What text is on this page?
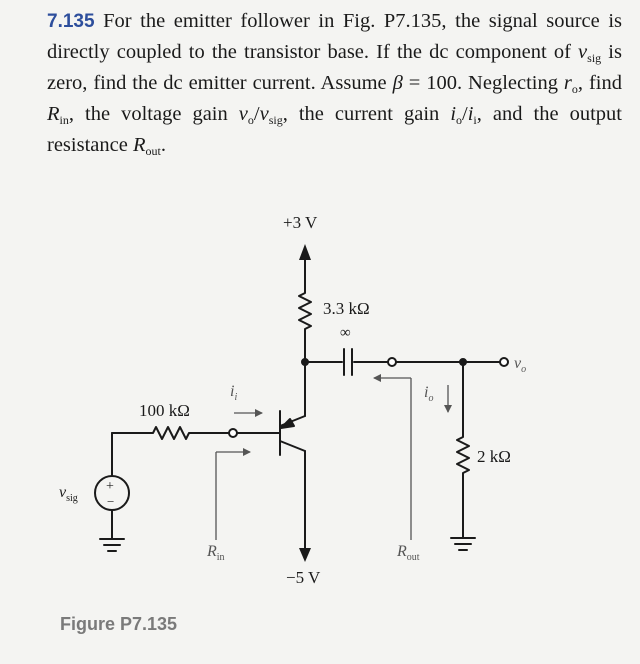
7.135 For the emitter follower in Fig. P7.135, the signal source is directly coupled to the transistor base. If the dc component of $v_{sig}$ is zero, find the dc emitter current. Assume β = 100. Neglecting $r_o$, find $R_{in}$, the voltage gain $v_o/v_{sig}$, the current gain $i_o/i_i$, and the output resistance $R_{out}$.
+3 V
3.3 kΩ
∞
100 kΩ
2 kΩ
−5 V
$v_{sig}$
$v_o$
$i_i$	$i_o$
$R_{in}$	$R_{out}$
+
−
Figure P7.135
